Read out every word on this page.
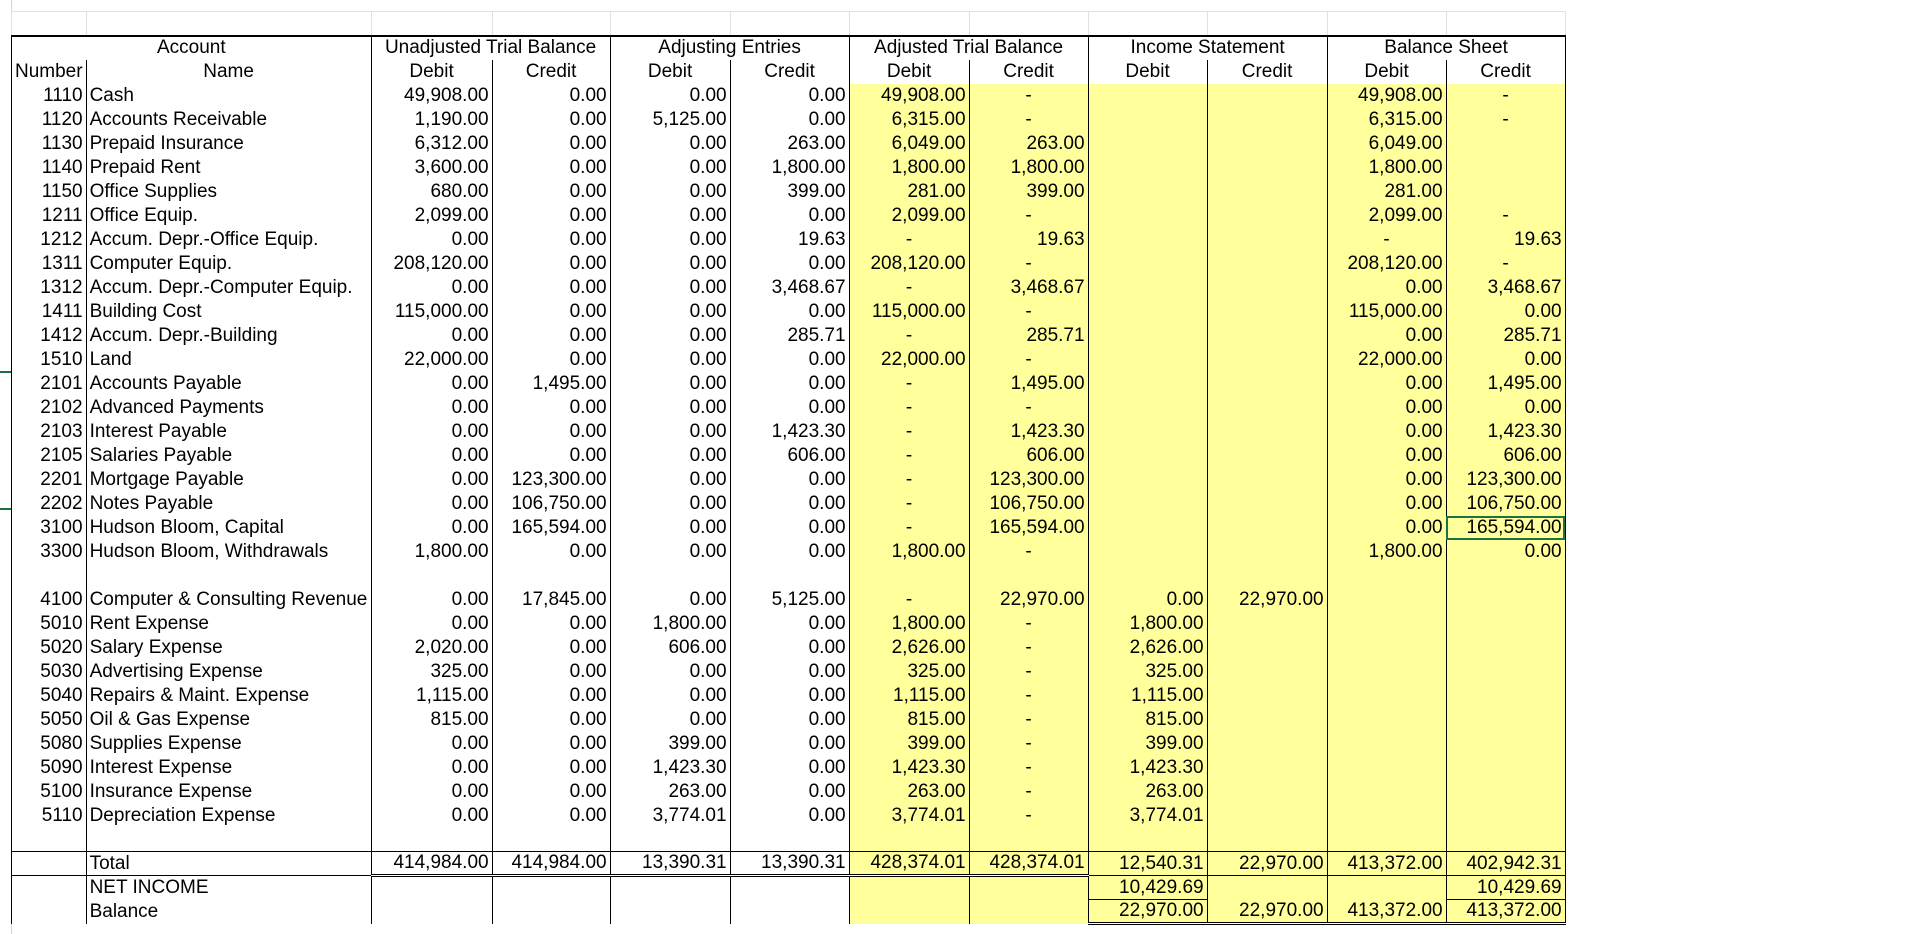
Account		Unadjusted Trial Balance		Adjusting Entries		Adjusted Trial Balance		Income Statement		Balance Sheet	
Number	Name	Debit	Credit	Debit	Credit	Debit	Credit	Debit	Credit	Debit	Credit
1110	Cash	49,908.00	0.00	0.00	0.00	49,908.00	-			49,908.00	-
1120	Accounts Receivable	1,190.00	0.00	5,125.00	0.00	6,315.00	-			6,315.00	-
1130	Prepaid Insurance	6,312.00	0.00	0.00	263.00	6,049.00	263.00			6,049.00	
1140	Prepaid Rent	3,600.00	0.00	0.00	1,800.00	1,800.00	1,800.00			1,800.00	
1150	Office Supplies	680.00	0.00	0.00	399.00	281.00	399.00			281.00	
1211	Office Equip.	2,099.00	0.00	0.00	0.00	2,099.00	-			2,099.00	-
1212	Accum. Depr.-Office Equip.	0.00	0.00	0.00	19.63	-	19.63			-	19.63
1311	Computer Equip.	208,120.00	0.00	0.00	0.00	208,120.00	-			208,120.00	-
1312	Accum. Depr.-Computer Equip.	0.00	0.00	0.00	3,468.67	-	3,468.67			0.00	3,468.67
1411	Building Cost	115,000.00	0.00	0.00	0.00	115,000.00	-			115,000.00	0.00
1412	Accum. Depr.-Building	0.00	0.00	0.00	285.71	-	285.71			0.00	285.71
1510	Land	22,000.00	0.00	0.00	0.00	22,000.00	-			22,000.00	0.00
2101	Accounts Payable	0.00	1,495.00	0.00	0.00	-	1,495.00			0.00	1,495.00
2102	Advanced Payments	0.00	0.00	0.00	0.00	-	-			0.00	0.00
2103	Interest Payable	0.00	0.00	0.00	1,423.30	-	1,423.30			0.00	1,423.30
2105	Salaries Payable	0.00	0.00	0.00	606.00	-	606.00			0.00	606.00
2201	Mortgage Payable	0.00	123,300.00	0.00	0.00	-	123,300.00			0.00	123,300.00
2202	Notes Payable	0.00	106,750.00	0.00	0.00	-	106,750.00			0.00	106,750.00
3100	Hudson Bloom, Capital	0.00	165,594.00	0.00	0.00	-	165,594.00			0.00	165,594.00
3300	Hudson Bloom, Withdrawals	1,800.00	0.00	0.00	0.00	1,800.00	-			1,800.00	0.00

4100	Computer & Consulting Revenue	0.00	17,845.00	0.00	5,125.00	-	22,970.00	0.00	22,970.00		
5010	Rent Expense	0.00	0.00	1,800.00	0.00	1,800.00	-	1,800.00			
5020	Salary Expense	2,020.00	0.00	606.00	0.00	2,626.00	-	2,626.00			
5030	Advertising Expense	325.00	0.00	0.00	0.00	325.00	-	325.00			
5040	Repairs & Maint. Expense	1,115.00	0.00	0.00	0.00	1,115.00	-	1,115.00			
5050	Oil & Gas Expense	815.00	0.00	0.00	0.00	815.00	-	815.00			
5080	Supplies Expense	0.00	0.00	399.00	0.00	399.00	-	399.00			
5090	Interest Expense	0.00	0.00	1,423.30	0.00	1,423.30	-	1,423.30			
5100	Insurance Expense	0.00	0.00	263.00	0.00	263.00	-	263.00			
5110	Depreciation Expense	0.00	0.00	3,774.01	0.00	3,774.01	-	3,774.01			

	Total	414,984.00	414,984.00	13,390.31	13,390.31	428,374.01	428,374.01	12,540.31	22,970.00	413,372.00	402,942.31
	NET INCOME							10,429.69			10,429.69
	Balance							22,970.00	22,970.00	413,372.00	413,372.00
